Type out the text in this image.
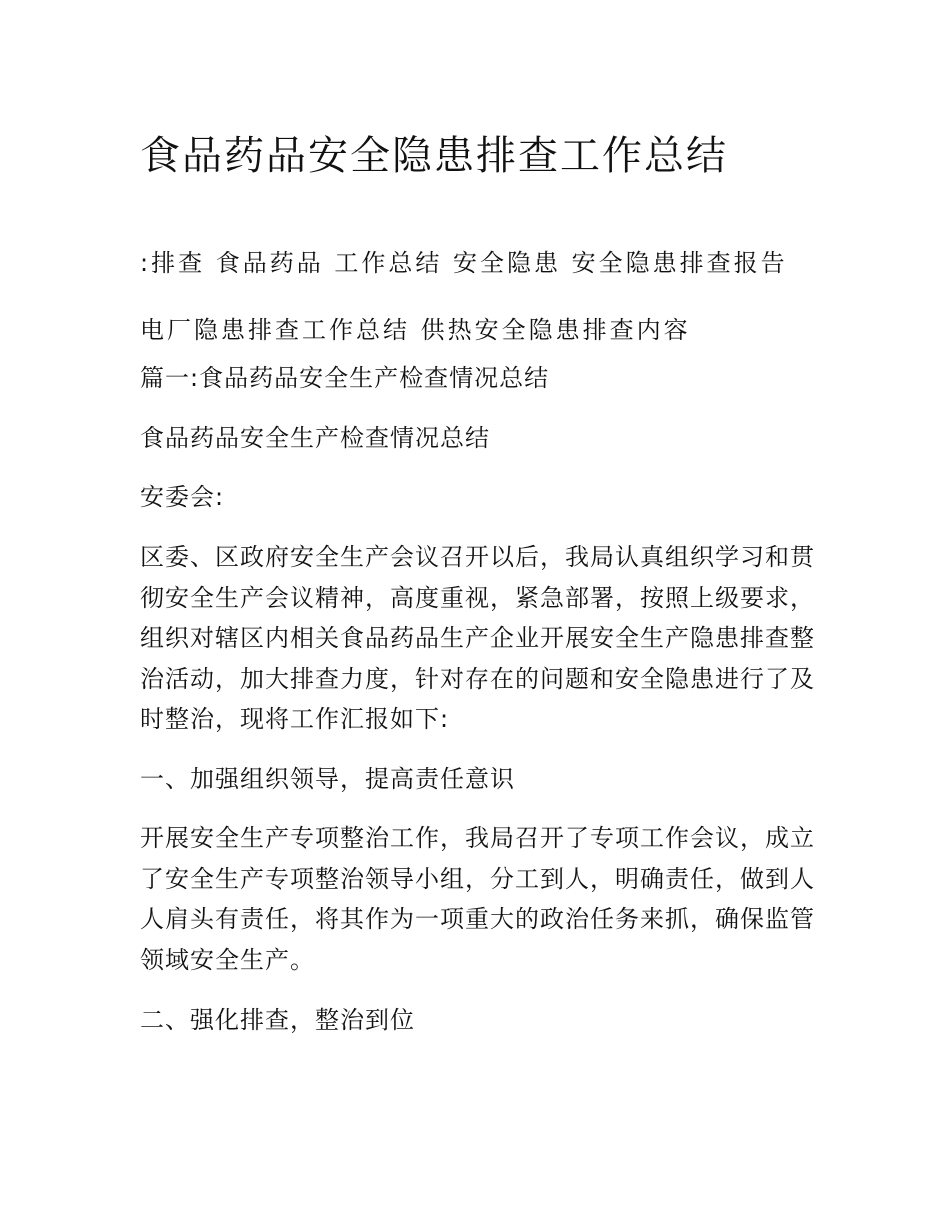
食品药品安全隐患排查工作总结

:排查 食品药品 工作总结 安全隐患 安全隐患排查报告 电厂隐患排查工作总结 供热安全隐患排查内容

篇一:食品药品安全生产检查情况总结

食品药品安全生产检查情况总结

安委会:

区委、区政府安全生产会议召开以后，我局认真组织学习和贯彻安全生产会议精神，高度重视，紧急部署，按照上级要求，组织对辖区内相关食品药品生产企业开展安全生产隐患排查整治活动，加大排查力度，针对存在的问题和安全隐患进行了及时整治，现将工作汇报如下:

一、加强组织领导，提高责任意识

开展安全生产专项整治工作，我局召开了专项工作会议，成立了安全生产专项整治领导小组，分工到人，明确责任，做到人人肩头有责任，将其作为一项重大的政治任务来抓，确保监管领域安全生产。

二、强化排查，整治到位
